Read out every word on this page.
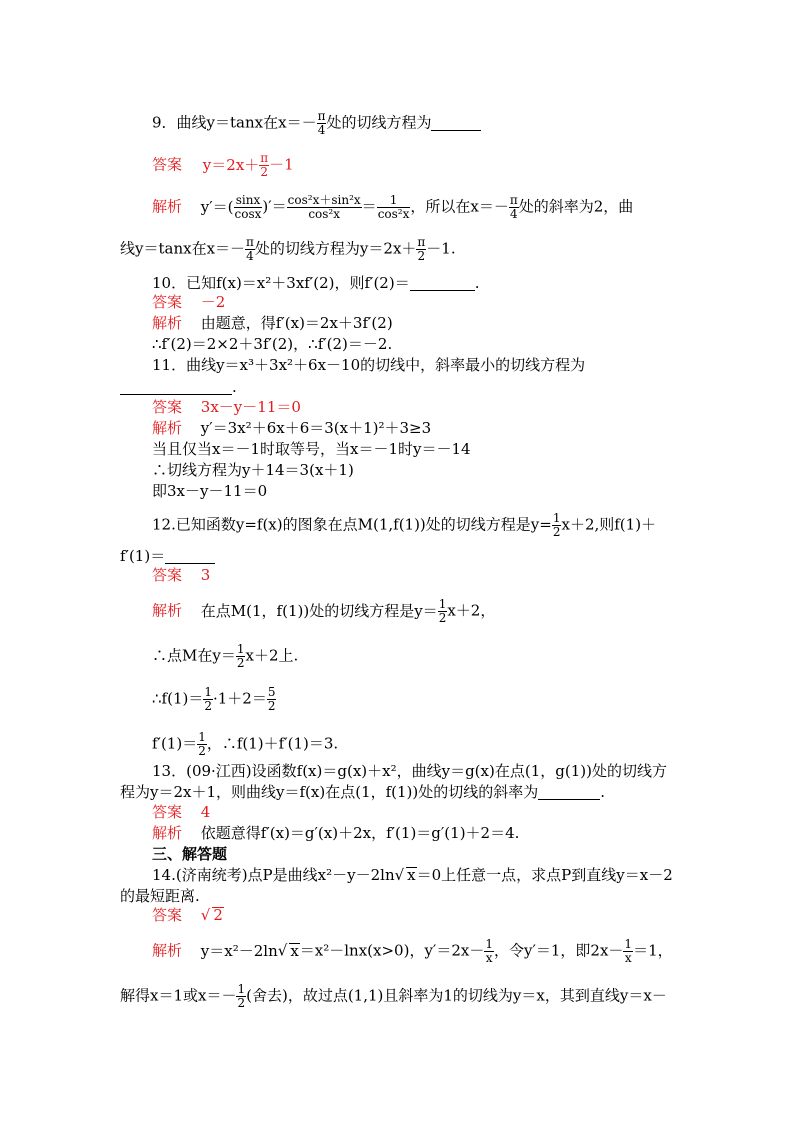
9．曲线y＝tanx在$x=- \frac{\pi}{4}$ 处的切线方程为
答案 $y=2x+ \frac{\pi}{2} -1$
解析 $y'=( \frac{\sin x}{\cos x}$ )′＝ $\frac{\text{cos²x＋sin²x}}{\text{cos²x}} = \frac{1}{\text{cos²x}}$ ，所以在$x=- \frac{\pi}{4}$ 处的斜率为2，曲
线y＝tanx在$x=- \frac{\pi}{4}$ 处的切线方程为$y=2x+ \frac{\pi}{2} -1$.
10．已知f(x)＝x²＋3xf′(2)，则f′(2)＝	.
答案 －2
解析 由题意，得f′(x)＝2x＋3f′(2)
∴f′(2)＝2×2＋3f′(2)，∴f′(2)＝－2.
11．曲线y＝x³＋3x²＋6x－10的切线中，斜率最小的切线方程为
.
答案 3x－y－11＝0
解析 y′＝3x²＋6x＋6＝3(x＋1)²＋3≥3
当且仅当x＝－1时取等号，当x＝－1时y＝－14
∴切线方程为y＋14＝3(x＋1)
即3x－y－11＝0
12.已知函数y=f(x)的图象在点M(1,f(1))处的切线方程是$y= \frac{1}{2} x+2$,则f(1)＋
f′(1)＝
答案 3
解析 在点M(1，f(1))处的切线方程是$y= \frac{1}{2} x+2$，
∴点M在$y= \frac{1}{2} x+2$上.
∴f(1)＝ $\frac{1}{2} \cdot 1+2= \frac{5}{2}$
$f'(1)= \frac{1}{2}$ ，∴f(1)＋f′(1)＝3.
13．(09·江西)设函数f(x)＝g(x)＋x²，曲线y＝g(x)在点(1，g(1))处的切线方
程为y＝2x＋1，则曲线y＝f(x)在点(1，f(1))处的切线的斜率为	.
答案 4
解析 依题意得f′(x)＝g′(x)＋2x，f′(1)＝g′(1)＋2＝4.
三、解答题
14.(济南统考)点P是曲线x²－y－2ln√ x＝0上任意一点，求点P到直线y＝x－2
的最短距离.
答案 √ 2
解析 y＝x²－2ln√ x＝x²－lnx(x>0)，$y'=2x- \frac{1}{x}$ ，令y′＝1，即$2x- \frac{1}{x} =1$，
解得x＝1或$x=- \frac{1}{2}$ (舍去)，故过点(1,1)且斜率为1的切线为y＝x，其到直线y＝x－
